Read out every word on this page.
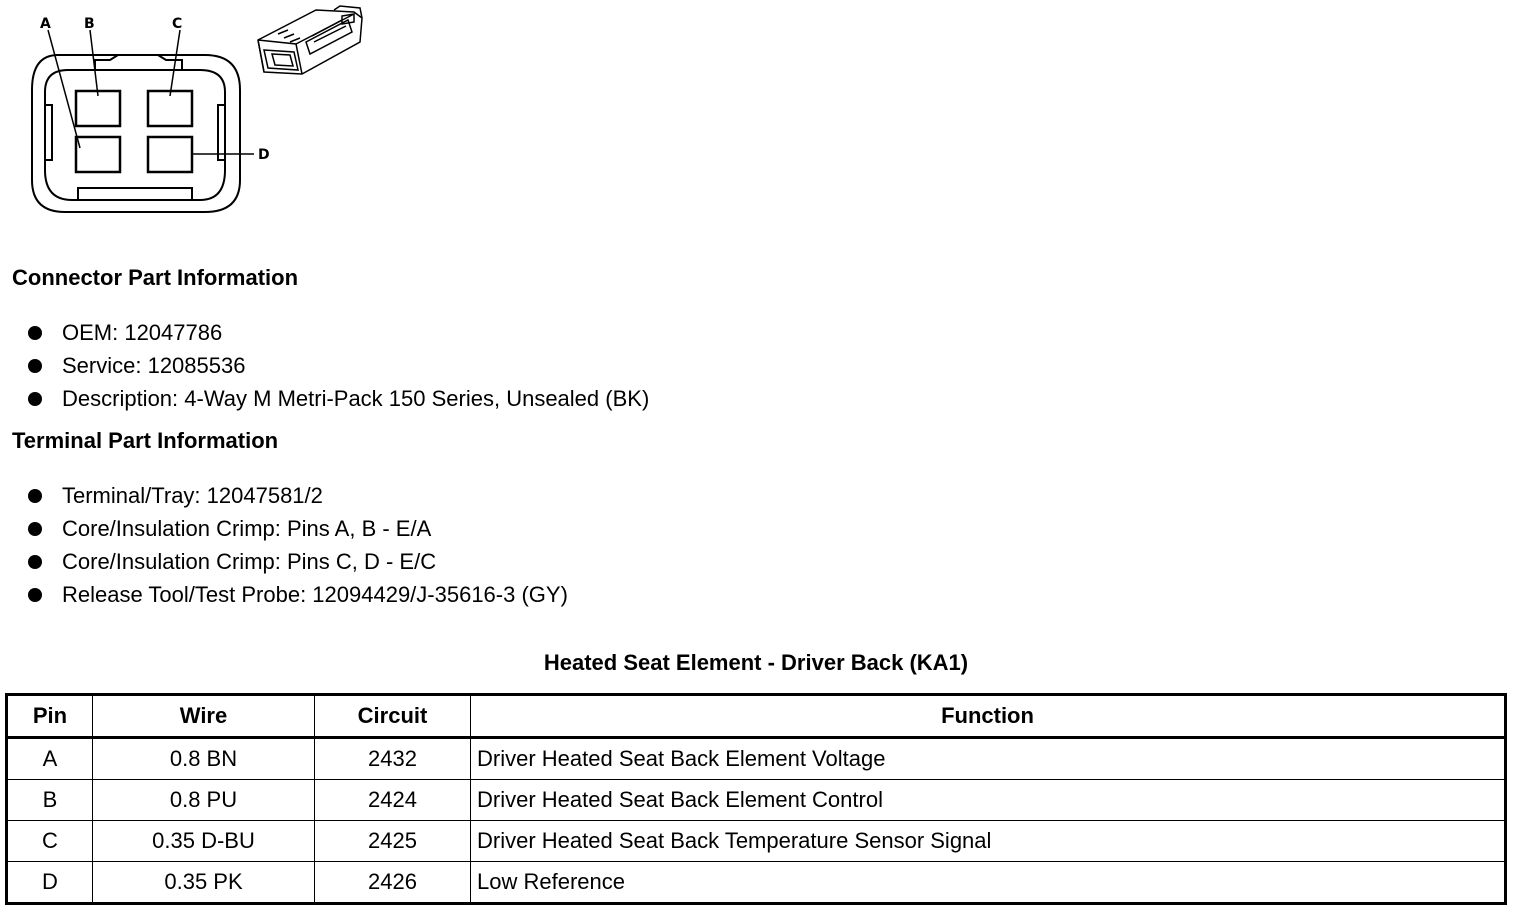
A B	C
D
Connector Part Information
OEM: 12047786
Service: 12085536
Description: 4-Way M Metri-Pack 150 Series, Unsealed (BK)
Terminal Part Information
Terminal/Tray: 12047581/2
Core/Insulation Crimp: Pins A, B - E/A
Core/Insulation Crimp: Pins C, D - E/C
Release Tool/Test Probe: 12094429/J-35616-3 (GY)
Heated Seat Element - Driver Back (KA1)
Pin	Wire	Circuit	Function
A	0.8 BN	2432	Driver Heated Seat Back Element Voltage
B	0.8 PU	2424	Driver Heated Seat Back Element Control
C	0.35 D-BU	2425	Driver Heated Seat Back Temperature Sensor Signal
D	0.35 PK	2426	Low Reference
